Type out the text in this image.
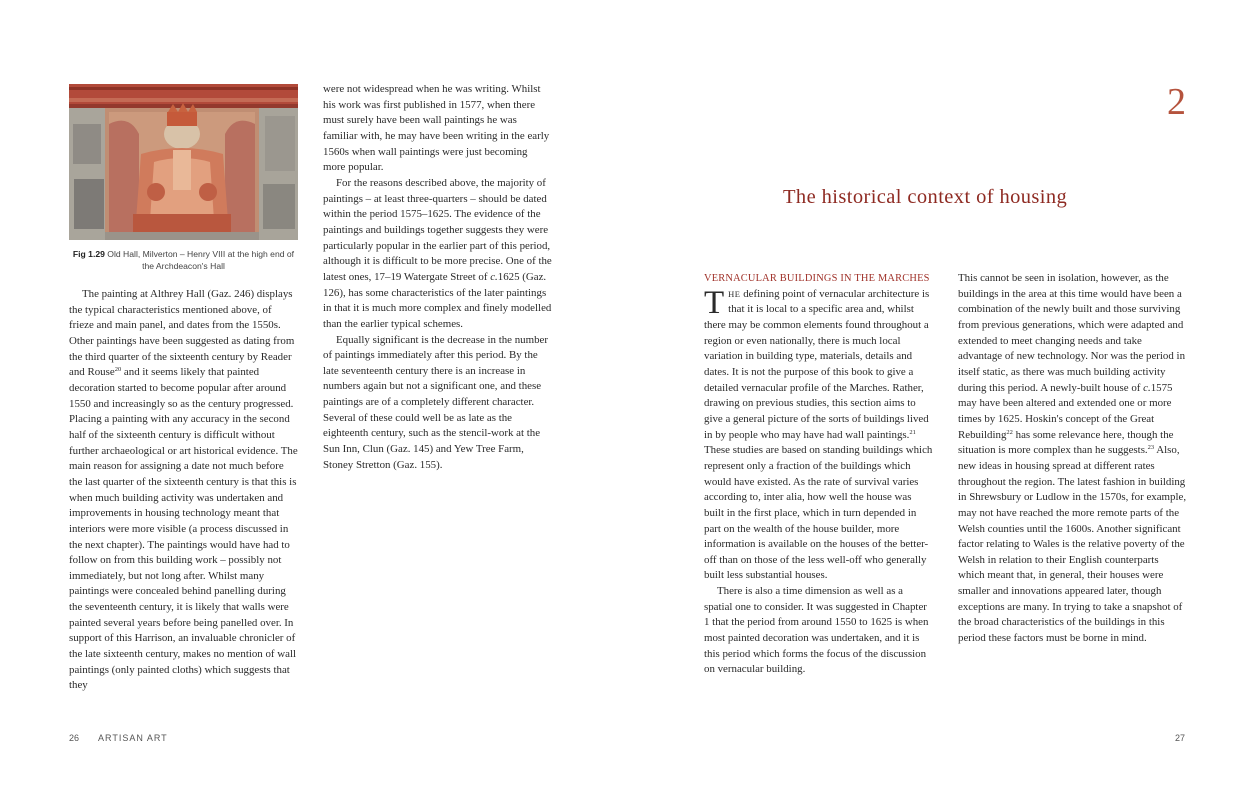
Fig 1.29 Old Hall, Milverton – Henry VIII at the high end of the Archdeacon's Hall

The painting at Althrey Hall (Gaz. 246) displays the typical characteristics mentioned above, of frieze and main panel, and dates from the 1550s. Other paintings have been suggested as dating from the third quarter of the sixteenth century by Reader and Rouse$^{20}$ and it seems likely that painted decoration started to become popular after around 1550 and increasingly so as the century progressed. Placing a painting with any accuracy in the second half of the sixteenth century is difficult without further archaeological or art historical evidence. The main reason for assigning a date not much before the last quarter of the sixteenth century is that this is when much building activity was undertaken and improvements in housing technology meant that interiors were more visible (a process discussed in the next chapter). The paintings would have had to follow on from this building work – possibly not immediately, but not long after. Whilst many paintings were concealed behind panelling during the seventeenth century, it is likely that walls were painted several years before being panelled over. In support of this Harrison, an invaluable chronicler of the late sixteenth century, makes no mention of wall paintings (only painted cloths) which suggests that they

were not widespread when he was writing. Whilst his work was first published in 1577, when there must surely have been wall paintings he was familiar with, he may have been writing in the early 1560s when wall paintings were just becoming more popular.

For the reasons described above, the majority of paintings – at least three-quarters – should be dated within the period 1575–1625. The evidence of the paintings and buildings together suggests they were particularly popular in the earlier part of this period, although it is difficult to be more precise. One of the latest ones, 17–19 Watergate Street of c.1625 (Gaz. 126), has some characteristics of the later paintings in that it is much more complex and finely modelled than the earlier typical schemes.

Equally significant is the decrease in the number of paintings immediately after this period. By the late seventeenth century there is an increase in numbers again but not a significant one, and these paintings are of a completely different character. Several of these could well be as late as the eighteenth century, such as the stencil-work at the Sun Inn, Clun (Gaz. 145) and Yew Tree Farm, Stoney Stretton (Gaz. 155).

26 ARTISAN ART
2
The historical context of housing
VERNACULAR BUILDINGS IN THE MARCHES

THE defining point of vernacular architecture is that it is local to a specific area and, whilst there may be common elements found throughout a region or even nationally, there is much local variation in building type, materials, details and dates. It is not the purpose of this book to give a detailed vernacular profile of the Marches. Rather, drawing on previous studies, this section aims to give a general picture of the sorts of buildings lived in by people who may have had wall paintings.$^{21}$ These studies are based on standing buildings which represent only a fraction of the buildings which would have existed. As the rate of survival varies according to, inter alia, how well the house was built in the first place, which in turn depended in part on the wealth of the house builder, more information is available on the houses of the better-off than on those of the less well-off who generally built less substantial houses.

There is also a time dimension as well as a spatial one to consider. It was suggested in Chapter 1 that the period from around 1550 to 1625 is when most painted decoration was undertaken, and it is this period which forms the focus of the discussion on vernacular building.

This cannot be seen in isolation, however, as the buildings in the area at this time would have been a combination of the newly built and those surviving from previous generations, which were adapted and extended to meet changing needs and take advantage of new technology. Nor was the period in itself static, as there was much building activity during this period. A newly-built house of c.1575 may have been altered and extended one or more times by 1625. Hoskin's concept of the Great Rebuilding$^{22}$ has some relevance here, though the situation is more complex than he suggests.$^{23}$ Also, new ideas in housing spread at different rates throughout the region. The latest fashion in building in Shrewsbury or Ludlow in the 1570s, for example, may not have reached the more remote parts of the Welsh counties until the 1600s. Another significant factor relating to Wales is the relative poverty of the Welsh in relation to their English counterparts which meant that, in general, their houses were smaller and innovations appeared later, though exceptions are many. In trying to take a snapshot of the broad characteristics of the buildings in this period these factors must be borne in mind.

27
